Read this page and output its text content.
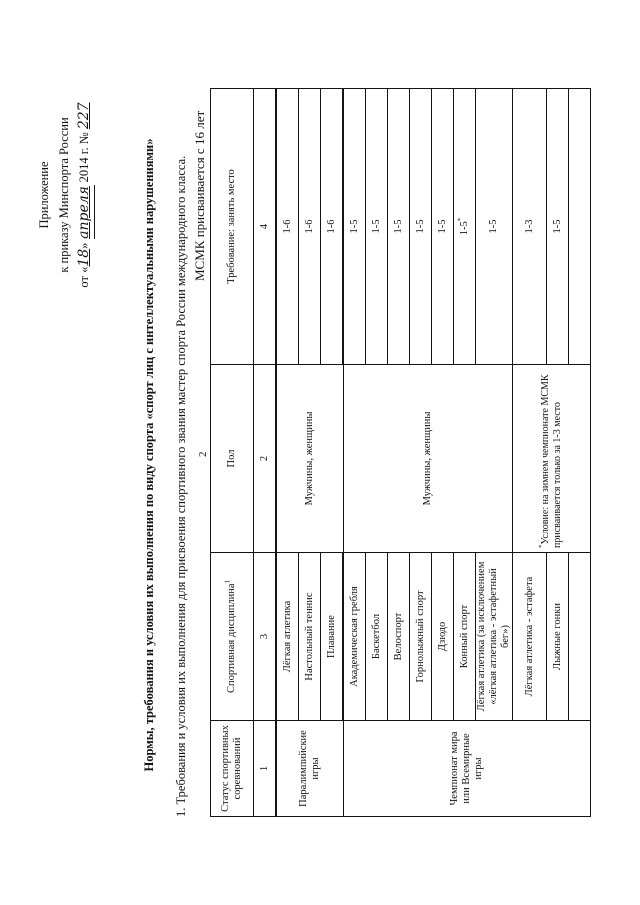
2
Приложение к приказу Минспорта России
от «18» апреля 2014 г. № 227
Нормы, требования и условия их выполнения по виду спорта «спорт лиц с интеллектуальными нарушениями» 1. Требования и условия их выполнения для присвоения спортивного звания мастер спорта России международного класса. МСМК присваивается с 16 лет
Статус спортивных соревнований	Спортивная дисциплина$^1$	Пол	Требование: занять место
1	3	2	4
Паралимпийские игры	Лёгкая атлетика	Мужчины, женщины	1-6
	Настольный теннис		1-6
	Плавание		1-6
Чемпионат мира или Всемирные игры	Академическая гребля	Мужчины, женщины	1-5
	Баскетбол		1-5
	Велоспорт		1-5
	Горнолыжный спорт		1-5
	Дзюдо		1-5
	Конный спорт		1-5*
	Лёгкая атлетика (за исключением «лёгкая атлетика - эстафетный бег»)		1-5
	Лёгкая атлетика - эстафета	*Условие: на зимнем чемпионате МСМК присваивается только за 1-3 место	1-3
	Лыжные гонки		1-5
